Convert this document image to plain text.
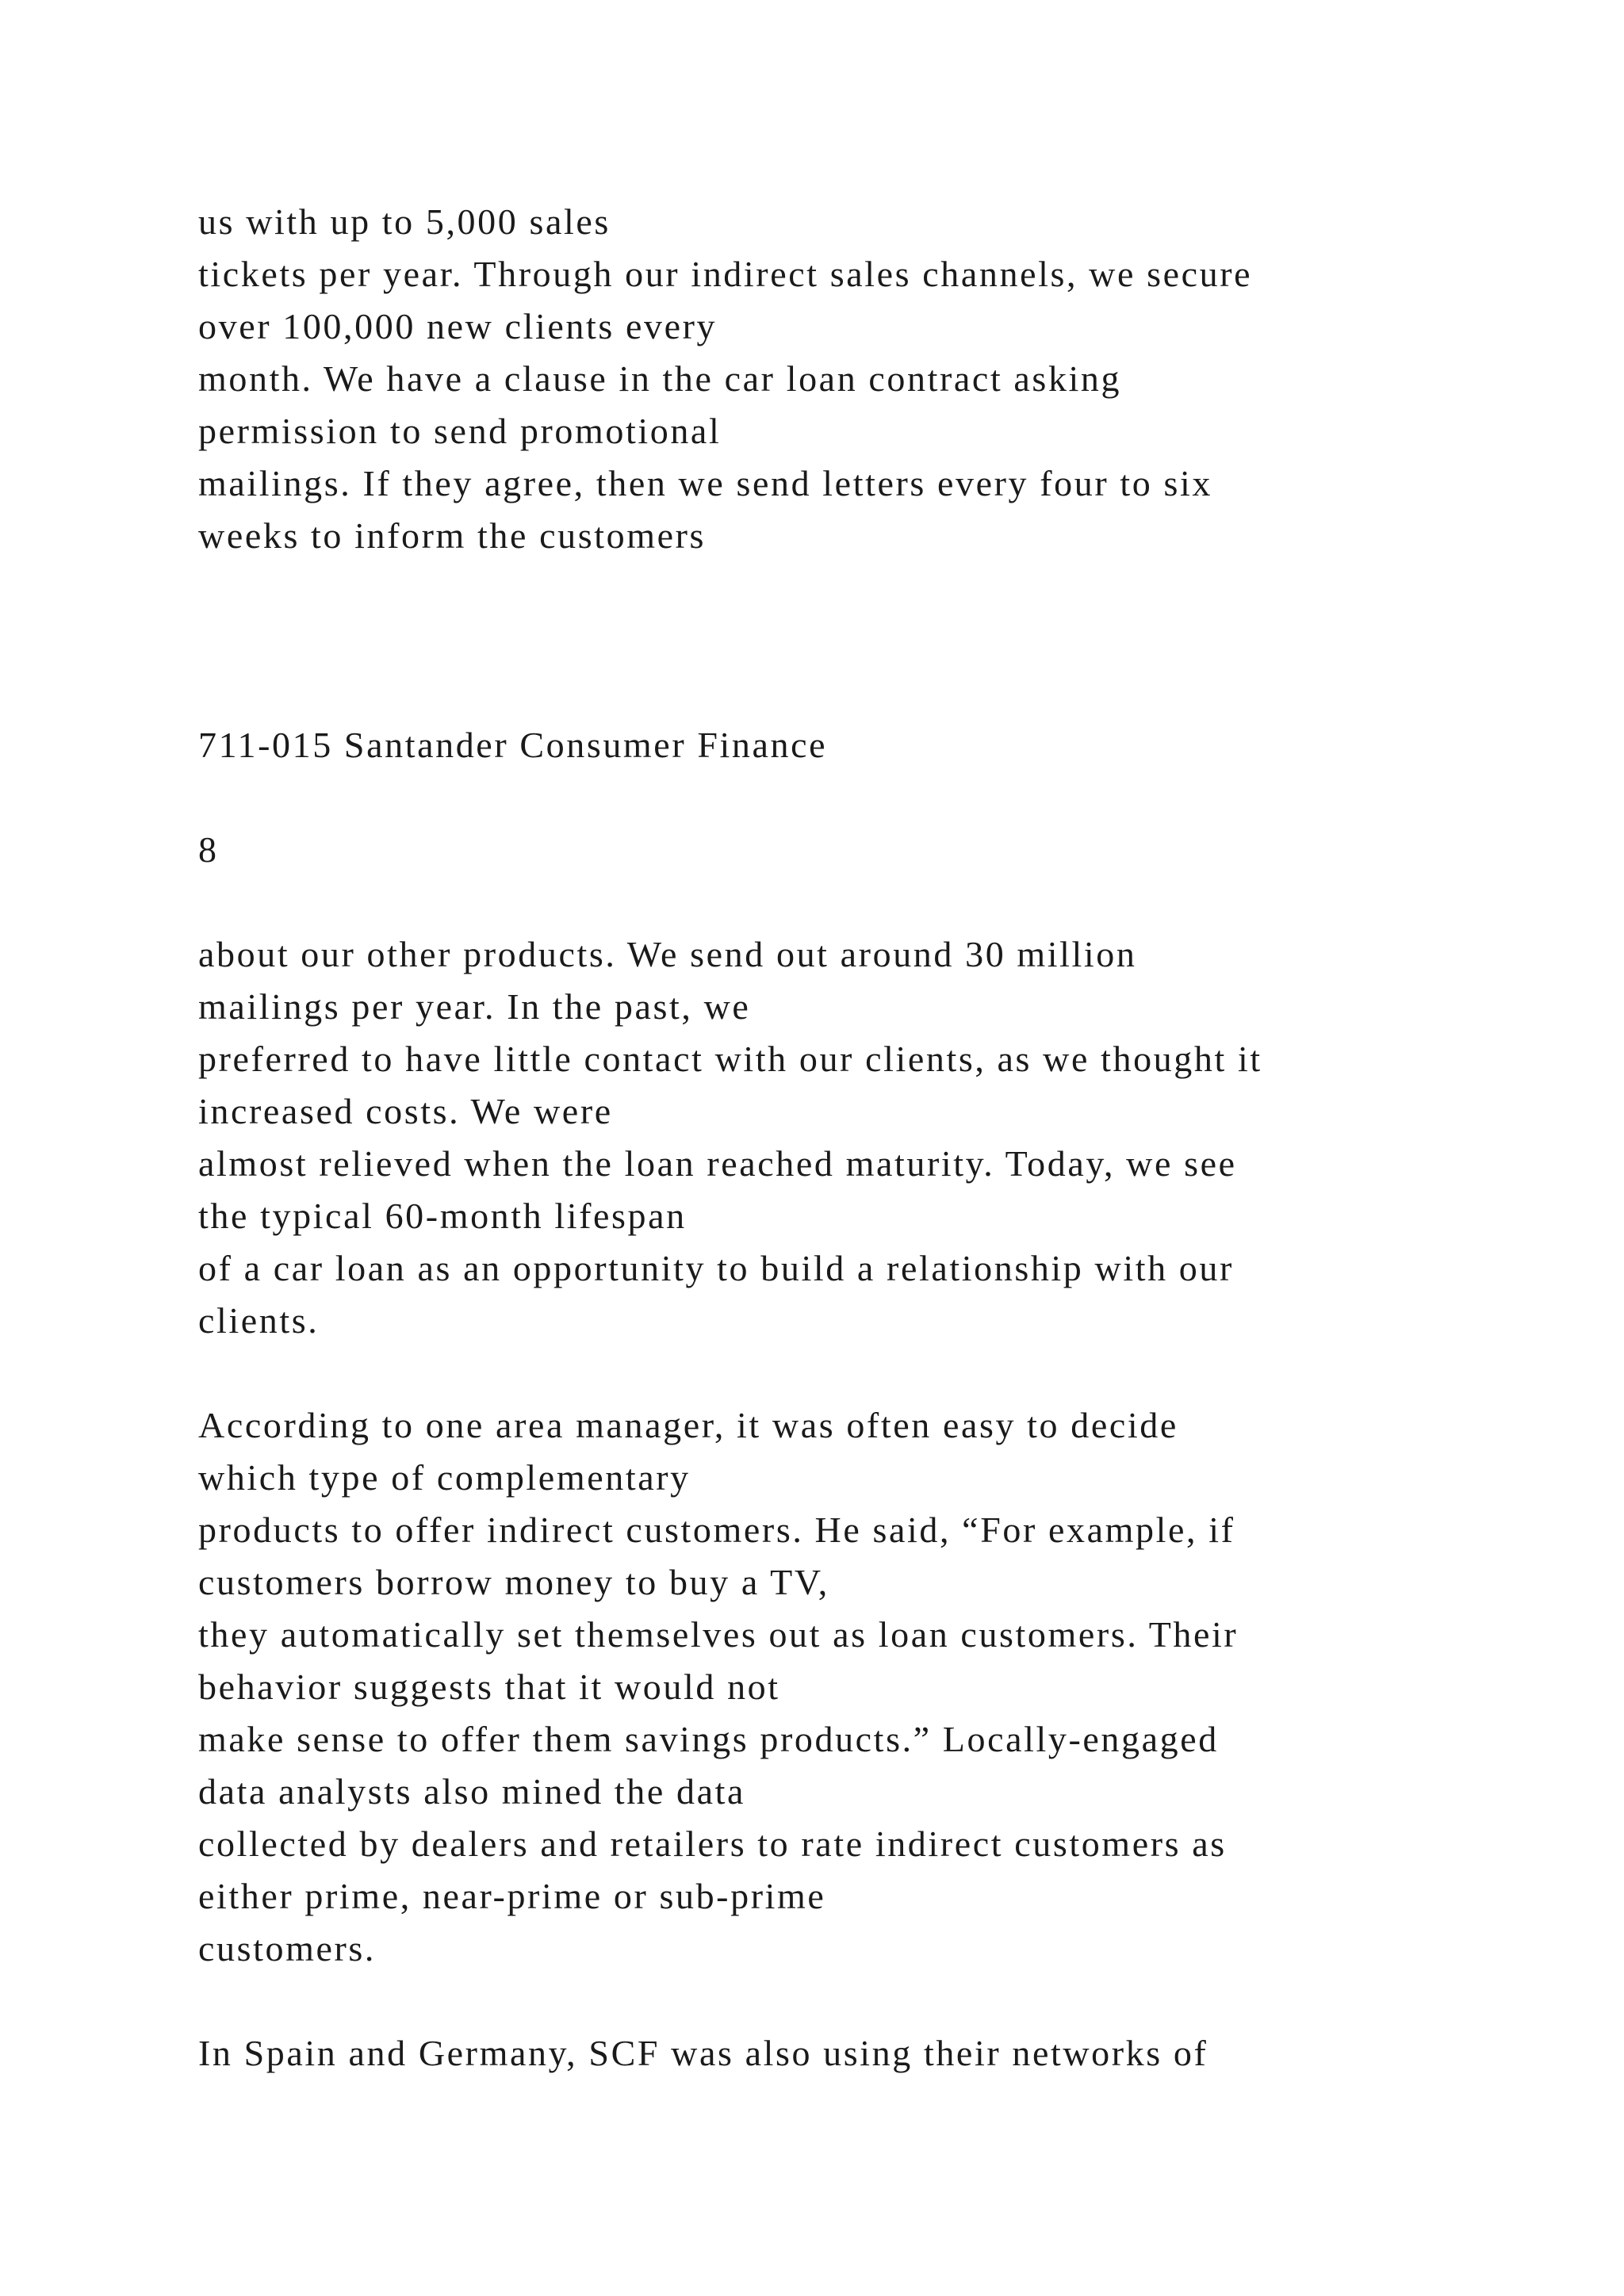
us with up to 5,000 sales
tickets per year. Through our indirect sales channels, we secure
over 100,000 new clients every
month. We have a clause in the car loan contract asking
permission to send promotional
mailings. If they agree, then we send letters every four to six
weeks to inform the customers
711-015 Santander Consumer Finance
8
about our other products. We send out around 30 million
mailings per year. In the past, we
preferred to have little contact with our clients, as we thought it
increased costs. We were
almost relieved when the loan reached maturity. Today, we see
the typical 60-month lifespan
of a car loan as an opportunity to build a relationship with our
clients.
According to one area manager, it was often easy to decide
which type of complementary
products to offer indirect customers. He said, “For example, if
customers borrow money to buy a TV,
they automatically set themselves out as loan customers. Their
behavior suggests that it would not
make sense to offer them savings products.” Locally-engaged
data analysts also mined the data
collected by dealers and retailers to rate indirect customers as
either prime, near-prime or sub-prime
customers.
In Spain and Germany, SCF was also using their networks of
